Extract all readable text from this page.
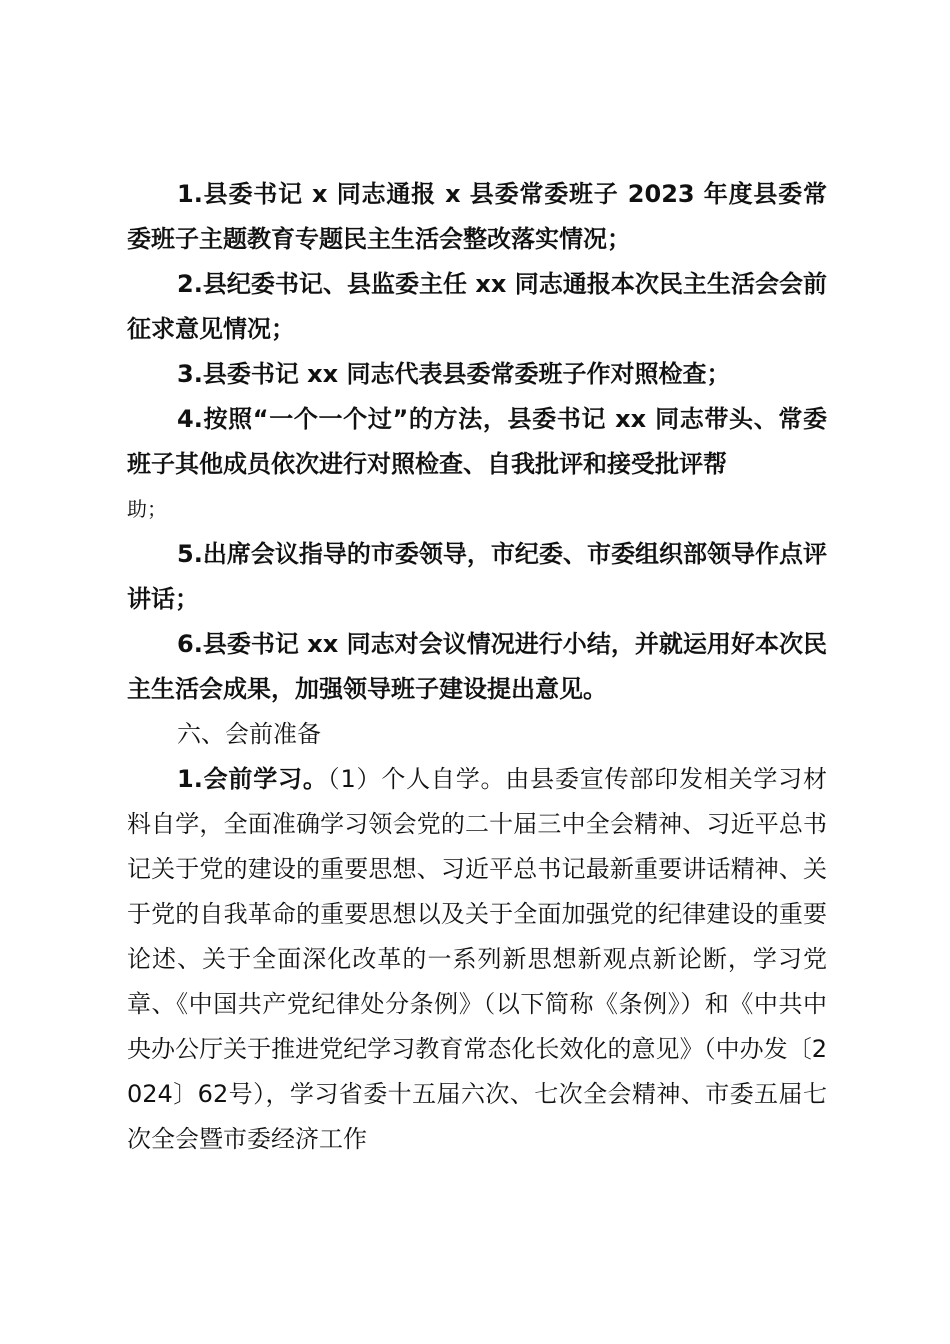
1.县委书记 x 同志通报 x 县委常委班子 2023 年度县委常委班子主题教育专题民主生活会整改落实情况；

2.县纪委书记、县监委主任 xx 同志通报本次民主生活会会前征求意见情况；

3.县委书记 xx 同志代表县委常委班子作对照检查；

4.按照“一个一个过”的方法，县委书记 xx 同志带头、常委班子其他成员依次进行对照检查、自我批评和接受批评帮
助；

5.出席会议指导的市委领导，市纪委、市委组织部领导作点评讲话；

6.县委书记 xx 同志对会议情况进行小结，并就运用好本次民主生活会成果，加强领导班子建设提出意见。

六、会前准备

1.会前学习。（1）个人自学。由县委宣传部印发相关学习材料自学，全面准确学习领会党的二十届三中全会精神、习近平总书记关于党的建设的重要思想、习近平总书记最新重要讲话精神、关于党的自我革命的重要思想以及关于全面加强党的纪律建设的重要论述、关于全面深化改革的一系列新思想新观点新论断，学习党章、《中国共产党纪律处分条例》（以下简称《条例》）和《中共中央办公厅关于推进党纪学习教育常态化长效化的意见》（中办发〔2024〕62号），学习省委十五届六次、七次全会精神、市委五届七次全会暨市委经济工作
